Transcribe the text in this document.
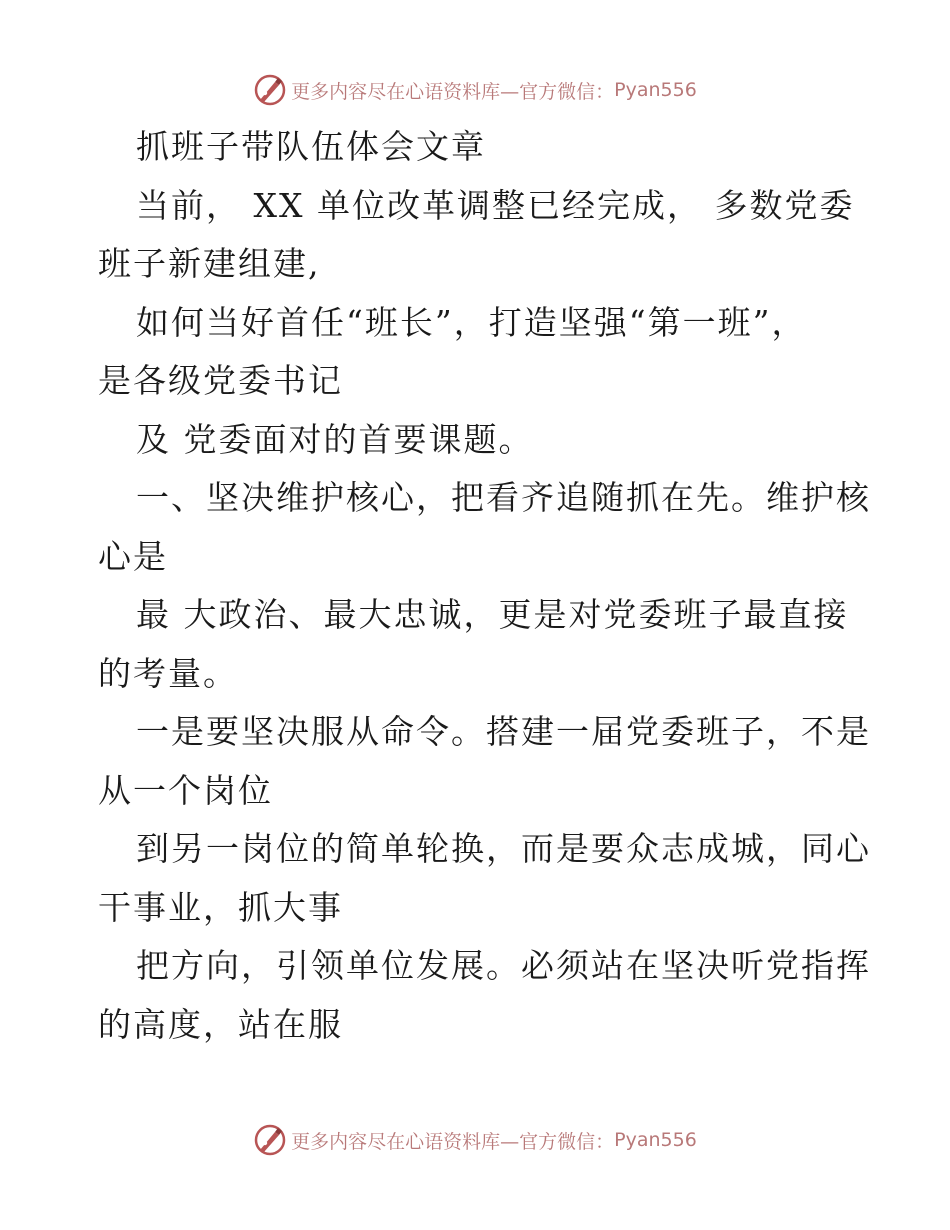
更多内容尽在心语资料库—官方微信： Pyan556
抓班子带队伍体会文章
当前， XX 单位改革调整已经完成， 多数党委
班子新建组建,
如何当好首任“班长”，打造坚强“第一班”，
是各级党委书记
及 党委面对的首要课题。
一、坚决维护核心，把看齐追随抓在先。维护核
心是
最 大政治、最大忠诚，更是对党委班子最直接
的考量。
一是要坚决服从命令。搭建一届党委班子，不是
从一个岗位
到另一岗位的简单轮换，而是要众志成城，同心
干事业，抓大事
把方向，引领单位发展。必须站在坚决听党指挥
的高度，站在服
更多内容尽在心语资料库—官方微信： Pyan556
